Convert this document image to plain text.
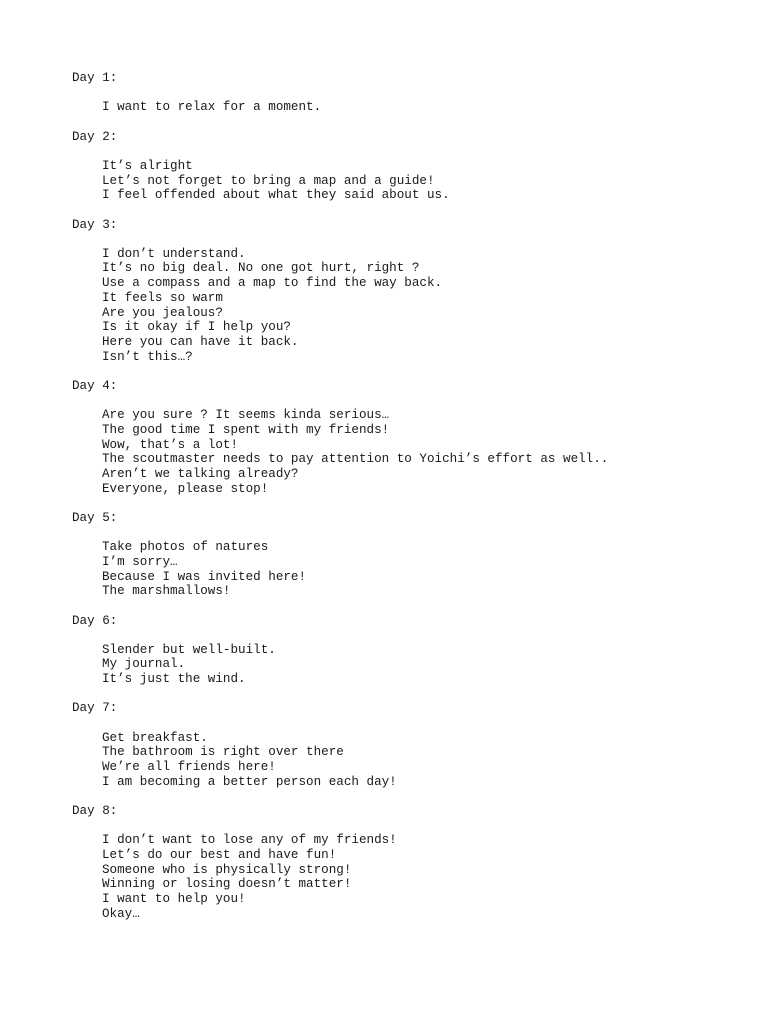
Day 1:
I want to relax for a moment.
Day 2:
It’s alright
Let’s not forget to bring a map and a guide!
I feel offended about what they said about us.
Day 3:
I don’t understand.
It’s no big deal. No one got hurt, right ?
Use a compass and a map to find the way back.
It feels so warm
Are you jealous?
Is it okay if I help you?
Here you can have it back.
Isn’t this…?
Day 4:
Are you sure ? It seems kinda serious…
The good time I spent with my friends!
Wow, that’s a lot!
The scoutmaster needs to pay attention to Yoichi’s effort as well..
Aren’t we talking already?
Everyone, please stop!
Day 5:
Take photos of natures
I’m sorry…
Because I was invited here!
The marshmallows!
Day 6:
Slender but well-built.
My journal.
It’s just the wind.
Day 7:
Get breakfast.
The bathroom is right over there
We’re all friends here!
I am becoming a better person each day!
Day 8:
I don’t want to lose any of my friends!
Let’s do our best and have fun!
Someone who is physically strong!
Winning or losing doesn’t matter!
I want to help you!
Okay…
